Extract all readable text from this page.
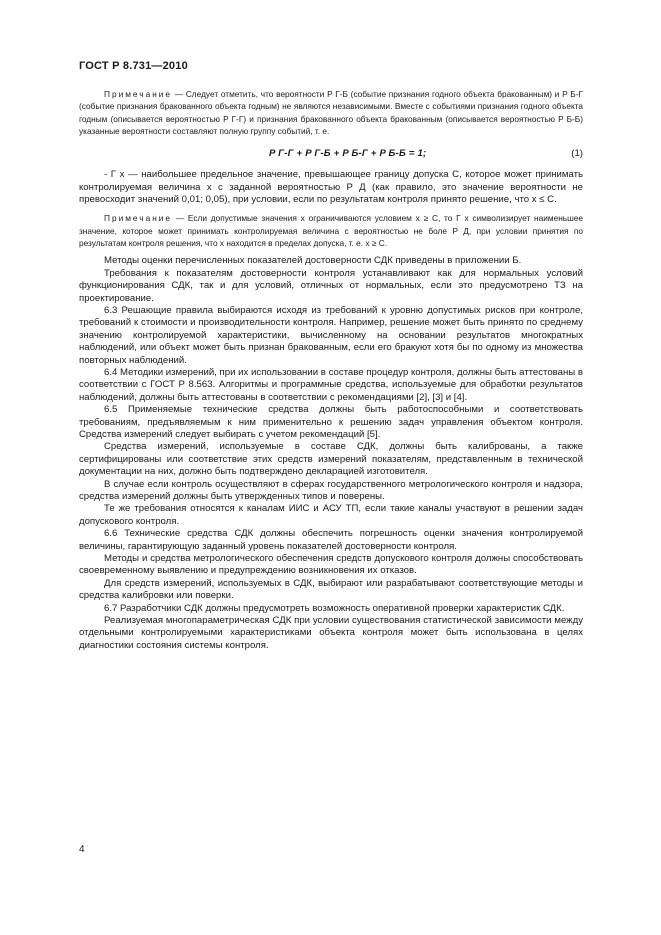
ГОСТ Р 8.731—2010

Примечание — Следует отметить, что вероятности P Г-Б (событие признания годного объекта бракованным) и P Б-Г (событие признания бракованного объекта годным) не являются независимыми. Вместе с событиями признания годного объекта годным (описывается вероятностью P Г-Г) и признания бракованного объекта бракованным (описывается вероятностью P Б-Б) указанные вероятности составляют полную группу событий, т. е.

P Г-Г + P Г-Б + P Б-Г + P Б-Б = 1;	(1)

- Г x — наибольшее предельное значение, превышающее границу допуска C, которое может принимать контролируемая величина x с заданной вероятностью P Д (как правило, это значение вероятности не превосходит значений 0,01; 0,05), при условии, если по результатам контроля принято решение, что x ≤ C.

Примечание — Если допустимые значения x ограничиваются условием x ≥ C, то Г x символизирует наименьшее значение, которое может принимать контролируемая величина с вероятностью не боле P Д, при условии принятия по результатам контроля решения, что x находится в пределах допуска, т. е. x ≥ C.

Методы оценки перечисленных показателей достоверности СДК приведены в приложении Б.

Требования к показателям достоверности контроля устанавливают как для нормальных условий функционирования СДК, так и для условий, отличных от нормальных, если это предусмотрено ТЗ на проектирование.

6.3 Решающие правила выбираются исходя из требований к уровню допустимых рисков при контроле, требований к стоимости и производительности контроля. Например, решение может быть принято по среднему значению контролируемой характеристики, вычисленному на основании результатов многократных наблюдений, или объект может быть признан бракованным, если его бракуют хотя бы по одному из множества повторных наблюдений.

6.4 Методики измерений, при их использовании в составе процедур контроля, должны быть аттестованы в соответствии с ГОСТ Р 8.563. Алгоритмы и программные средства, используемые для обработки результатов наблюдений, должны быть аттестованы в соответствии с рекомендациями [2], [3] и [4].

6.5 Применяемые технические средства должны быть работоспособными и соответствовать требованиям, предъявляемым к ним применительно к решению задач управления объектом контроля. Средства измерений следует выбирать с учетом рекомендаций [5].

Средства измерений, используемые в составе СДК, должны быть калиброваны, а также сертифицированы или соответствие этих средств измерений показателям, представленным в технической документации на них, должно быть подтверждено декларацией изготовителя.

В случае если контроль осуществляют в сферах государственного метрологического контроля и надзора, средства измерений должны быть утвержденных типов и поверены.

Те же требования относятся к каналам ИИС и АСУ ТП, если такие каналы участвуют в решении задач допускового контроля.

6.6 Технические средства СДК должны обеспечить погрешность оценки значения контролируемой величины, гарантирующую заданный уровень показателей достоверности контроля.

Методы и средства метрологического обеспечения средств допускового контроля должны способствовать своевременному выявлению и предупреждению возникновения их отказов.

Для средств измерений, используемых в СДК, выбирают или разрабатывают соответствующие методы и средства калибровки или поверки.

6.7 Разработчики СДК должны предусмотреть возможность оперативной проверки характеристик СДК.

Реализуемая многопараметрическая СДК при условии существования статистической зависимости между отдельными контролируемыми характеристиками объекта контроля может быть использована в целях диагностики состояния системы контроля.

4
